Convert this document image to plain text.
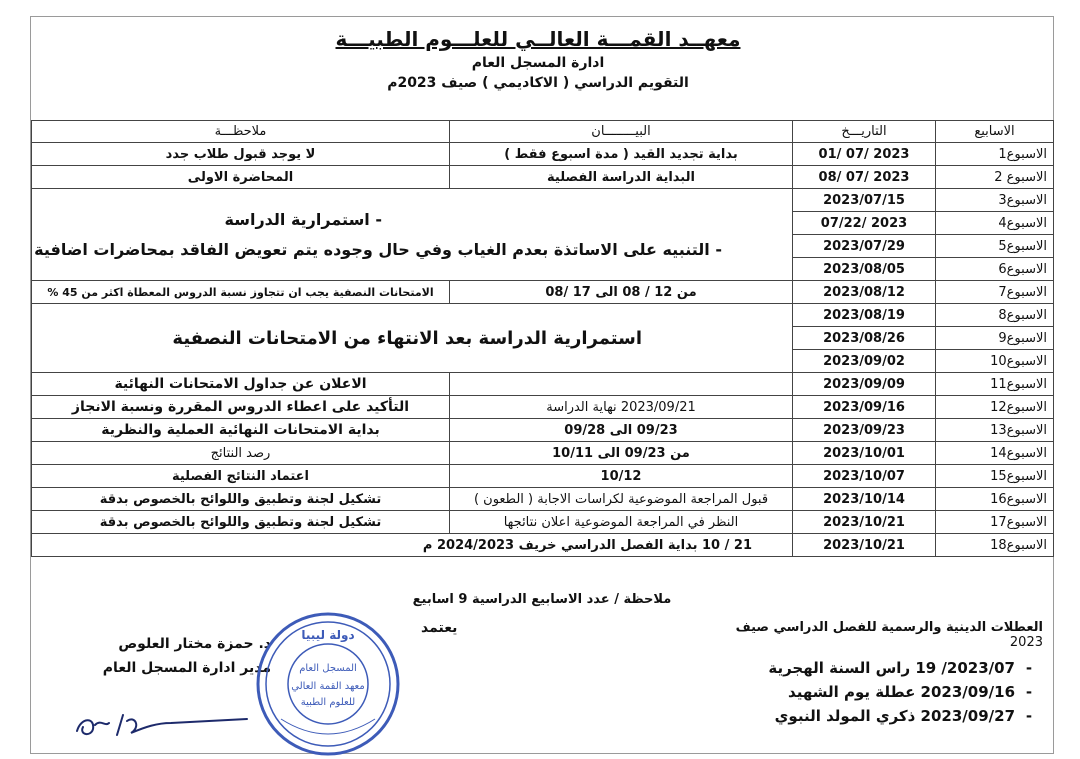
معهــد القمـــة العالــي للعلـــوم الطبيـــة
ادارة المسجل العام
التقويم الدراسي ( الاكاديمي ) صيف 2023م
الاسابيع	التاريـــخ	البيــــــــان	ملاحظـــة
الاسبوع1	2023 /07 /01	بداية تجديد القيد ( مدة اسبوع فقط )	لا يوجد قبول طلاب جدد
الاسبوع 2	2023 /07 /08	البداية الدراسة الفصلية	المحاضرة الاولى
الاسبوع3	2023/07/15	- استمرارية الدراسة
- التنبيه على الاساتذة بعدم الغياب وفي حال وجوده يتم تعويض الفاقد بمحاضرات اضافية	

الاسبوع4	2023 /07/22		
الاسبوع5	2023/07/29		
الاسبوع6	2023/08/05		
الاسبوع7	2023/08/12	من 12 / 08 الى 17 /08	الامتحانات النصفية يجب ان تتجاوز نسبة الدروس المعطاة اكثر من 45 %
الاسبوع8	2023/08/19	استمرارية الدراسة بعد الانتهاء من الامتحانات النصفية	
الاسبوع9	2023/08/26		
الاسبوع10	2023/09/02		
الاسبوع11	2023/09/09		الاعلان عن جداول الامتحانات النهائية
الاسبوع12	2023/09/16	2023/09/21 نهاية الدراسة	التأكيد على اعطاء الدروس المقررة ونسبة الانجاز
الاسبوع13	2023/09/23	09/23 الى 09/28	بداية الامتحانات النهائية العملية والنظرية
الاسبوع14	2023/10/01	من 09/23 الى 10/11	رصد النتائج
الاسبوع15	2023/10/07	10/12	اعتماد النتائج الفصلية
الاسبوع16	2023/10/14	قبول المراجعة الموضوعية لكراسات الاجابة ( الطعون )	تشكيل لجنة وتطبيق واللوائح بالخصوص بدقة
الاسبوع17	2023/10/21	النظر في المراجعة الموضوعية اعلان نتائجها	تشكيل لجنة وتطبيق واللوائح بالخصوص بدقة
الاسبوع18	2023/10/21	21 / 10 بداية الفصل الدراسي خريف 2024/2023 م	
ملاحظة / عدد الاسابيع الدراسية 9 اسابيع
يعتمد	العطلات الدينية والرسمية للفصل الدراسي صيف 2023
-2023/07/ 19 راس السنة الهجرية
-2023/09/16 عطلة يوم الشهيد
-2023/09/27 ذكري المولد النبوي
د. حمزة مختار العلوص
مدير ادارة المسجل العام
دولة ليبيا
المسجل العام
معهد القمة العالي
للعلوم الطبية
